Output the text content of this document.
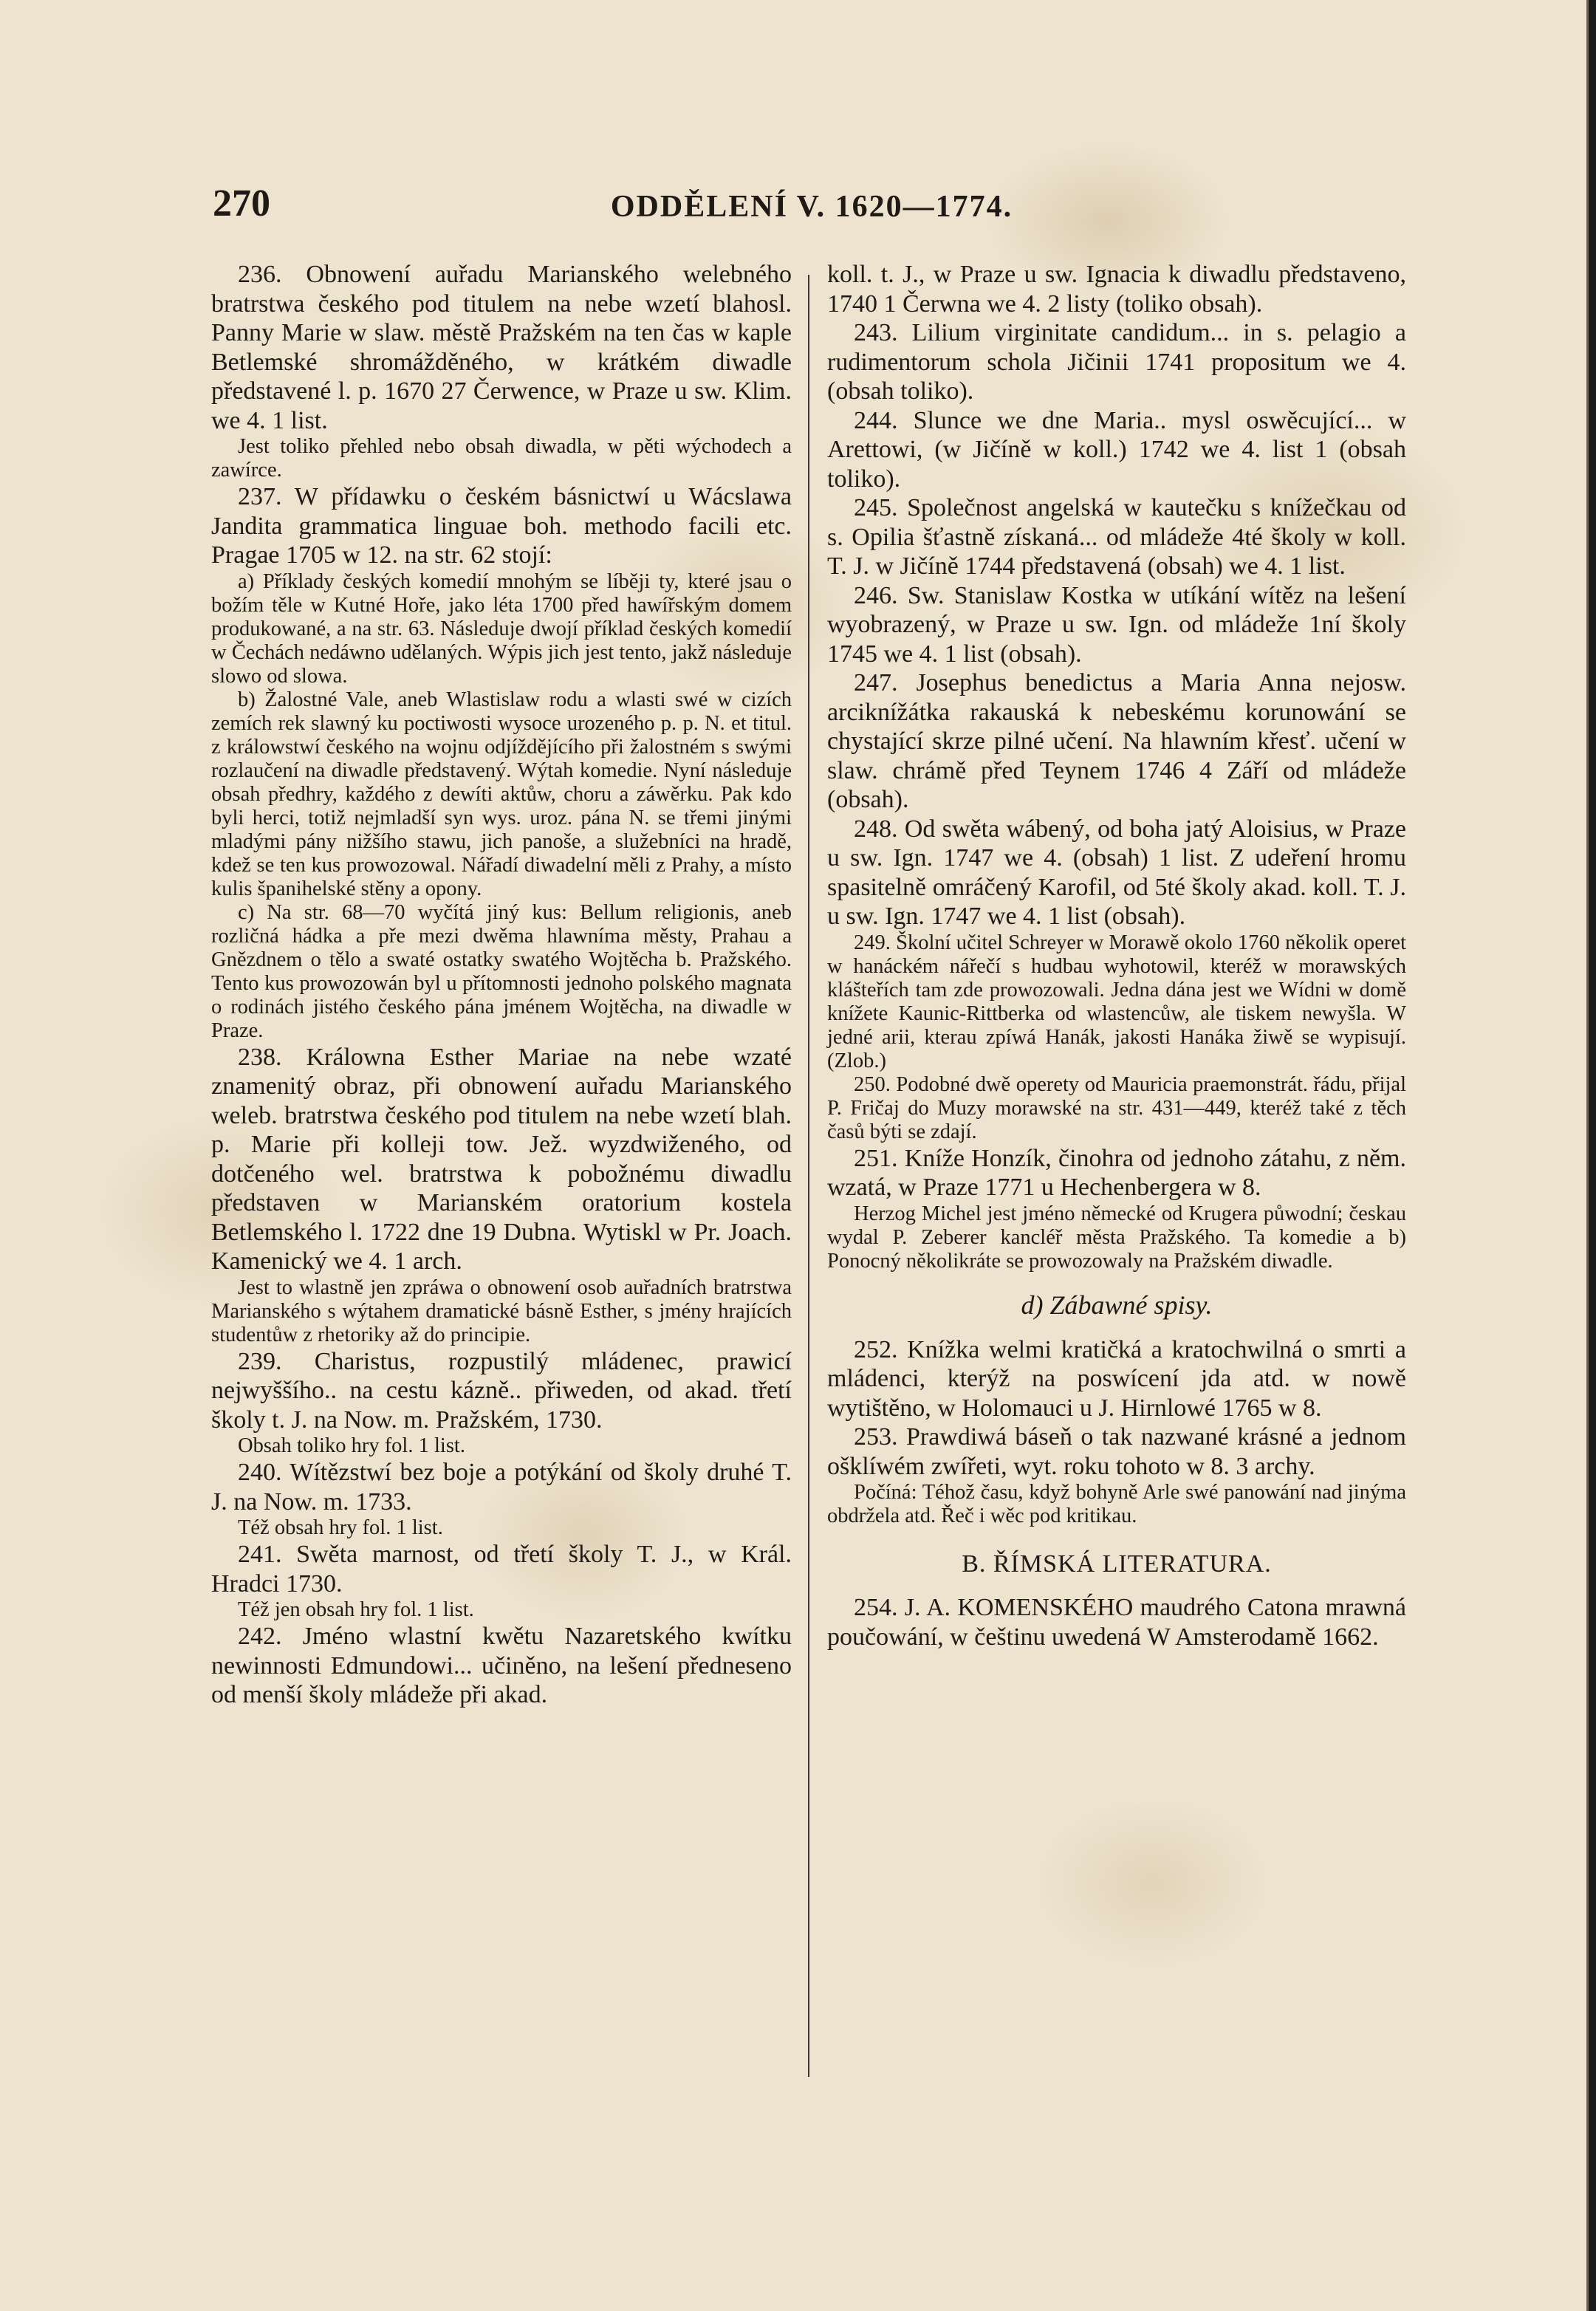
270	ODDĚLENÍ V. 1620—1774.

236. Obnowení auřadu Marianského welebného bratrstwa českého pod titulem na nebe wzetí blahosl. Panny Marie w slaw. městě Pražském na ten čas w kaple Betlemské shromážděného, w krátkém diwadle představené l. p. 1670 27 Čerwence, w Praze u sw. Klim. we 4. 1 list.

Jest toliko přehled nebo obsah diwadla, w pěti wýchodech a zawírce.

237. W přídawku o českém básnictwí u Wácslawa Jandita grammatica linguae boh. methodo facili etc. Pragae 1705 w 12. na str. 62 stojí:

a) Příklady českých komedií mnohým se líběji ty, které jsau o božím těle w Kutné Hoře, jako léta 1700 před hawířským domem produkowané, a na str. 63. Následuje dwojí příklad českých komedií w Čechách nedáwno udělaných. Wýpis jich jest tento, jakž následuje slowo od slowa.

b) Žalostné Vale, aneb Wlastislaw rodu a wlasti swé w cizích zemích rek slawný ku poctiwosti wysoce urozeného p. p. N. et titul. z králowstwí českého na wojnu odjíždějícího při žalostném s swými rozlaučení na diwadle představený. Wýtah komedie. Nyní následuje obsah předhry, každého z dewíti aktůw, choru a záwěrku. Pak kdo byli herci, totiž nejmladší syn wys. uroz. pána N. se třemi jinými mladými pány nižšího stawu, jich panoše, a služebníci na hradě, kdež se ten kus prowozowal. Nářadí diwadelní měli z Prahy, a místo kulis španihelské stěny a opony.

c) Na str. 68—70 wyčítá jiný kus: Bellum religionis, aneb rozličná hádka a pře mezi dwěma hlawníma městy, Prahau a Gnězdnem o tělo a swaté ostatky swatého Wojtěcha b. Pražského. Tento kus prowozowán byl u přítomnosti jednoho polského magnata o rodinách jistého českého pána jménem Wojtěcha, na diwadle w Praze.

238. Králowna Esther Mariae na nebe wzaté znamenitý obraz, při obnowení auřadu Marianského weleb. bratrstwa českého pod titulem na nebe wzetí blah. p. Marie při kolleji tow. Jež. wyzdwiženého, od dotčeného wel. bratrstwa k pobožnému diwadlu představen w Marianském oratorium kostela Betlemského l. 1722 dne 19 Dubna. Wytiskl w Pr. Joach. Kamenický we 4. 1 arch.

Jest to wlastně jen zpráwa o obnowení osob auřadních bratrstwa Marianského s wýtahem dramatické básně Esther, s jmény hrajících studentůw z rhetoriky až do principie.

239. Charistus, rozpustilý mládenec, prawicí nejwyššího.. na cestu kázně.. přiweden, od akad. třetí školy t. J. na Now. m. Pražském, 1730.

Obsah toliko hry fol. 1 list.

240. Wítězstwí bez boje a potýkání od školy druhé T. J. na Now. m. 1733.

Též obsah hry fol. 1 list.

241. Swěta marnost, od třetí školy T. J., w Král. Hradci 1730.

Též jen obsah hry fol. 1 list.

242. Jméno wlastní kwětu Nazaretského kwítku newinnosti Edmundowi... učiněno, na lešení předneseno od menší školy mládeže při akad.

koll. t. J., w Praze u sw. Ignacia k diwadlu představeno, 1740 1 Čerwna we 4. 2 listy (toliko obsah).

243. Lilium virginitate candidum... in s. pelagio a rudimentorum schola Jičinii 1741 propositum we 4. (obsah toliko).

244. Slunce we dne Maria.. mysl oswěcující... w Arettowi, (w Jičíně w koll.) 1742 we 4. list 1 (obsah toliko).

245. Společnost angelská w kautečku s knížečkau od s. Opilia šťastně získaná... od mládeže 4té školy w koll. T. J. w Jičíně 1744 představená (obsah) we 4. 1 list.

246. Sw. Stanislaw Kostka w utíkání wítěz na lešení wyobrazený, w Praze u sw. Ign. od mládeže 1ní školy 1745 we 4. 1 list (obsah).

247. Josephus benedictus a Maria Anna nejosw. arciknížátka rakauská k nebeskému korunowání se chystající skrze pilné učení. Na hlawním křesť. učení w slaw. chrámě před Teynem 1746 4 Září od mládeže (obsah).

248. Od swěta wábený, od boha jatý Aloisius, w Praze u sw. Ign. 1747 we 4. (obsah) 1 list. Z udeření hromu spasitelně omráčený Karofil, od 5té školy akad. koll. T. J. u sw. Ign. 1747 we 4. 1 list (obsah).

249. Školní učitel Schreyer w Morawě okolo 1760 několik operet w hanáckém nářečí s hudbau wyhotowil, kteréž w morawských klášteřích tam zde prowozowali. Jedna dána jest we Wídni w domě knížete Kaunic-Rittberka od wlastencůw, ale tiskem newyšla. W jedné arii, kterau zpíwá Hanák, jakosti Hanáka žiwě se wypisují. (Zlob.)

250. Podobné dwě operety od Mauricia praemonstrát. řádu, přijal P. Fričaj do Muzy morawské na str. 431—449, kteréž také z těch časů býti se zdají.

251. Kníže Honzík, činohra od jednoho zátahu, z něm. wzatá, w Praze 1771 u Hechenbergera w 8.

Herzog Michel jest jméno německé od Krugera půwodní; českau wydal P. Zeberer kancléř města Pražského. Ta komedie a b) Ponocný několikráte se prowozowaly na Pražském diwadle.

d) Zábawné spisy.

252. Knížka welmi kratičká a kratochwilná o smrti a mládenci, kterýž na poswícení jda atd. w nowě wytištěno, w Holomauci u J. Hirnlowé 1765 w 8.

253. Prawdiwá báseň o tak nazwané krásné a jednom ošklíwém zwířeti, wyt. roku tohoto w 8. 3 archy.

Počíná: Téhož času, když bohyně Arle swé panowání nad jinýma obdržela atd. Řeč i wěc pod kritikau.

B. ŘÍMSKÁ LITERATURA.

254. J. A. KOMENSKÉHO maudrého Catona mrawná poučowání, w češtinu uwedená W Amsterodamě 1662.
